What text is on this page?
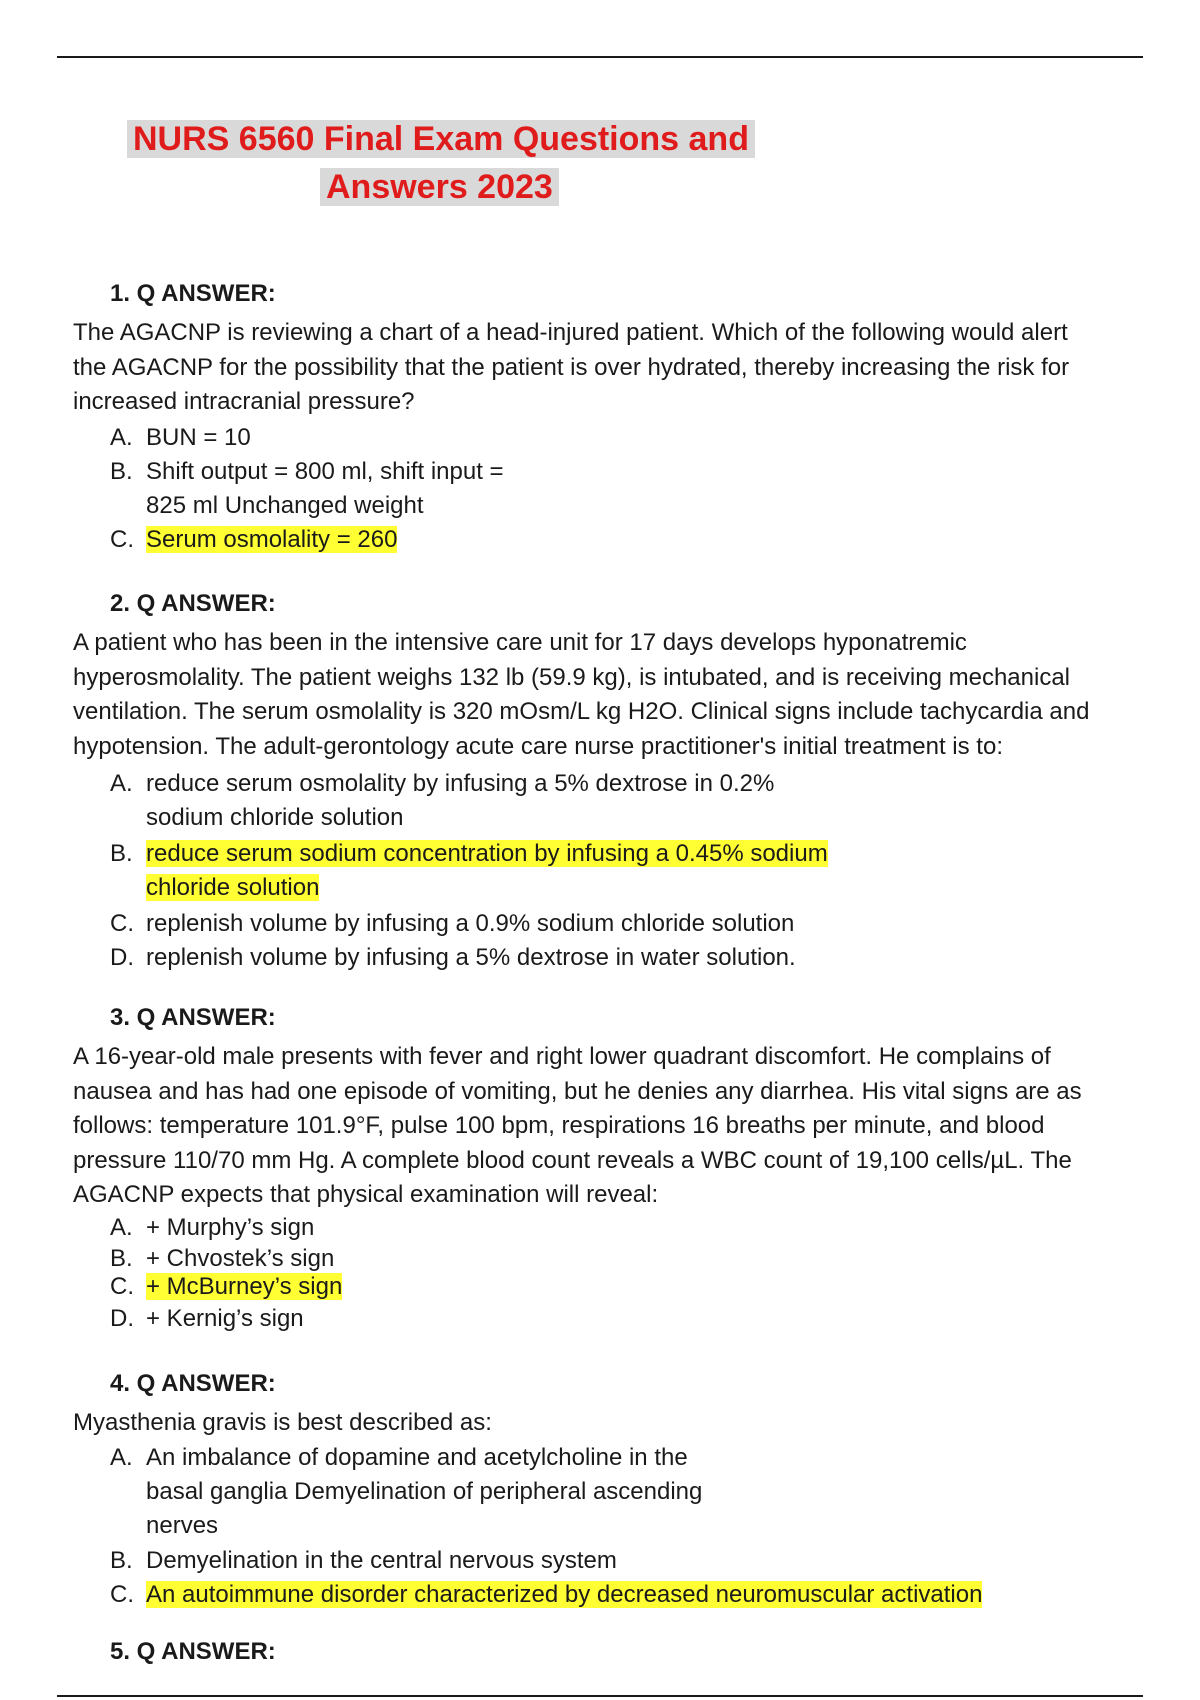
NURS 6560 Final Exam Questions and
Answers 2023
1. Q ANSWER:
The AGACNP is reviewing a chart of a head-injured patient. Which of the following would alert
the AGACNP for the possibility that the patient is over hydrated, thereby increasing the risk for
increased intracranial pressure?
A. BUN = 10
B. Shift output = 800 ml, shift input =
825 ml Unchanged weight
C. Serum osmolality = 260
2. Q ANSWER:
A patient who has been in the intensive care unit for 17 days develops hyponatremic
hyperosmolality. The patient weighs 132 lb (59.9 kg), is intubated, and is receiving mechanical
ventilation. The serum osmolality is 320 mOsm/L kg H2O. Clinical signs include tachycardia and
hypotension. The adult-gerontology acute care nurse practitioner's initial treatment is to:
A. reduce serum osmolality by infusing a 5% dextrose in 0.2%
sodium chloride solution
B. reduce serum sodium concentration by infusing a 0.45% sodium
chloride solution
C. replenish volume by infusing a 0.9% sodium chloride solution
D. replenish volume by infusing a 5% dextrose in water solution.
3. Q ANSWER:
A 16-year-old male presents with fever and right lower quadrant discomfort. He complains of
nausea and has had one episode of vomiting, but he denies any diarrhea. His vital signs are as
follows: temperature 101.9°F, pulse 100 bpm, respirations 16 breaths per minute, and blood
pressure 110/70 mm Hg. A complete blood count reveals a WBC count of 19,100 cells/µL. The
AGACNP expects that physical examination will reveal:
A. + Murphy’s sign
B. + Chvostek’s sign
C. + McBurney’s sign
D. + Kernig’s sign
4. Q ANSWER:
Myasthenia gravis is best described as:
A. An imbalance of dopamine and acetylcholine in the
basal ganglia Demyelination of peripheral ascending
nerves
B. Demyelination in the central nervous system
C. An autoimmune disorder characterized by decreased neuromuscular activation
5. Q ANSWER:
